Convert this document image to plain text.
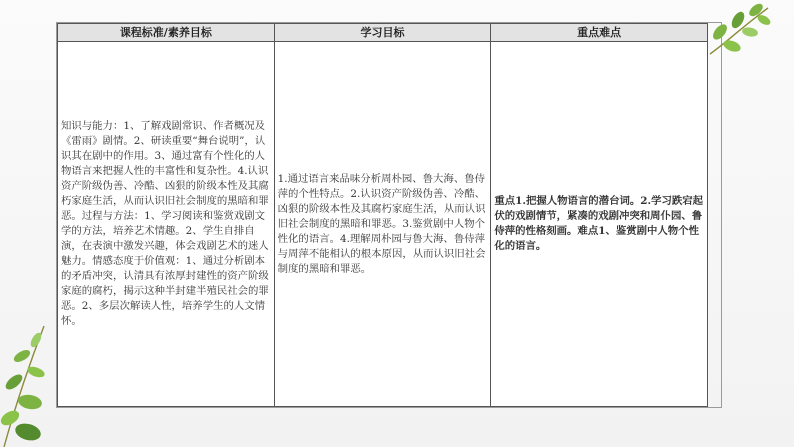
课程标准/素养目标	学习目标	重点难点

知识与能力：1、了解戏剧常识、作者概况及《雷雨》剧情。2、研读重要“舞台说明”，认识其在剧中的作用。3、通过富有个性化的人物语言来把握人性的丰富性和复杂性。4.认识资产阶级伪善、冷酷、凶狠的阶级本性及其腐朽家庭生活，从而认识旧社会制度的黑暗和罪恶。过程与方法：1、学习阅读和鉴赏戏剧文学的方法，培养艺术情趣。2、学生自排自演，在表演中激发兴趣，体会戏剧艺术的迷人魅力。情感态度于价值观：1、通过分析剧本的矛盾冲突，认清具有浓厚封建性的资产阶级家庭的腐朽，揭示这种半封建半殖民社会的罪恶。2、多层次解读人性，培养学生的人文情怀。	1.通过语言来品味分析周朴园、鲁大海、鲁侍萍的个性特点。2.认识资产阶级伪善、冷酷、凶狠的阶级本性及其腐朽家庭生活，从而认识旧社会制度的黑暗和罪恶。3.鉴赏剧中人物个性化的语言。4.理解周朴园与鲁大海、鲁侍萍与周萍不能相认的根本原因，从而认识旧社会制度的黑暗和罪恶。	重点1.把握人物语言的潜台词。2.学习跌宕起伏的戏剧情节，紧凑的戏剧冲突和周仆园、鲁侍萍的性格刻画。难点1、鉴赏剧中人物个性化的语言。
